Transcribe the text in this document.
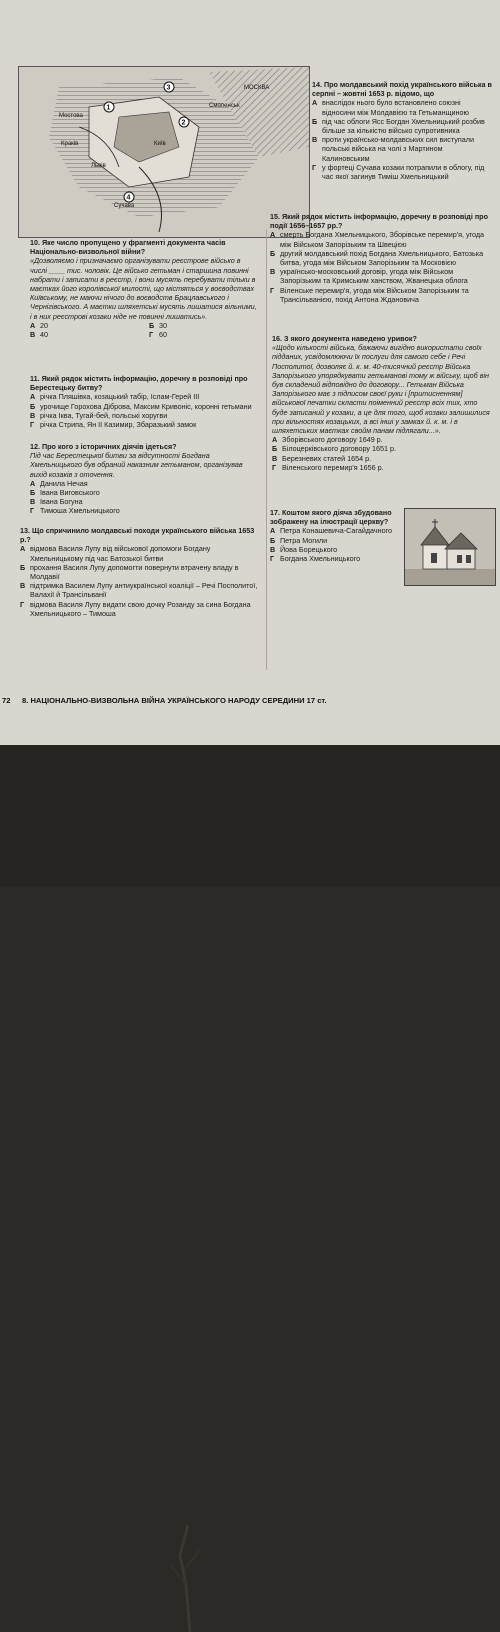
МОСКВА
Смоленськ
Київ
Краків
Львів
Сучава
Мостова
1
2
3
4
14. Про молдавський похід українського війська в серпні – жовтні 1653 р. відомо, що
А внаслідок нього було встановлено союзні відносини між Молдавією та Гетьманщиною
Б під час облоги Ясс Богдан Хмельницький розбив більше за кількістю військо супротивника
В проти українсько-молдавських сил виступали польські війська на чолі з Мартином Калиновським
Г у фортеці Сучава козаки потрапили в облогу, під час якої загинув Тиміш Хмельницький
15. Який рядок містить інформацію, доречну в розповіді про події 1656–1657 рр.?
А смерть Богдана Хмельницького, Зборівське перемир'я, угода між Військом Запорізьким та Швецією
Б другий молдавський похід Богдана Хмельницького, Батозька битва, угода між Військом Запорізьким та Московією
В українсько-московський договір, угода між Військом Запорізьким та Кримським ханством, Жванецька облога
Г Віленське перемир'я, угода між Військом Запорізьким та Трансільванією, похід Антона Ждановича
10. Яке число пропущено у фрагменті документа часів Національно-визвольної війни?
«Дозволяємо і призначаємо організувати реєстрове військо в числі ____ тис. чоловік. Це військо гетьман і старшина повинні набрати і записати в реєстр, і вони мусять перебувати тільки в маєтках його королівської милості, що містяться у воєводствах Київському, не маючи нічого до воєводств Брацлавського і Чернігівського. А маєтки шляхетські мусять лишатися вільними, і в них реєстрові козаки ніде не повинні лишатись».
А 20	Б 30
В 40	Г 60
11. Який рядок містить інформацію, доречну в розповіді про Берестецьку битву?
А річка Пляшівка, козацький табір, Іслам-Герей III
Б урочище Горохова Діброва, Максим Кривоніс, коронні гетьмани
В річка Іква, Тугай-бей, польські хоругви
Г річка Стрипа, Ян II Казимир, Збаразький замок
12. Про кого з історичних діячів ідеться?
Під час Берестецької битви за відсутності Богдана Хмельницького був обраний наказним гетьманом, організував вихід козаків з оточення.
А Данила Нечая
Б Івана Виговського
В Івана Богуна
Г Тимоша Хмельницького
13. Що спричинило молдавські походи українського війська 1653 р.?
А відмова Василя Лупу від військової допомоги Богдану Хмельницькому під час Батозької битви
Б прохання Василя Лупу допомогти повернути втрачену владу в Молдавії
В підтримка Василем Лупу антиукраїнської коаліції – Речі Посполитої, Валахії й Трансільванії
Г відмова Василя Лупу видати свою дочку Розанду за сина Богдана Хмельницького – Тимоша
16. З якого документа наведено уривок?
«Щодо кількості війська, бажаючи вигідно використати своїх підданих, усвідомлюючи їх послуги для самого себе і Речі Посполитої, дозволяє й. к. м. 40-тисячний реєстр Війська Запорізького упорядкувати гетьманові тому ж війську, щоб він був складений відповідно до договору... Гетьман Війська Запорізького має з підписом своєї руки і [притисненням] військової печатки скласти поіменний реєстр всіх тих, хто буде записаний у козаки, а це для того, щоб козаки залишилися при вільностях козацьких, а всі інші у замках й. к. м. і в шляхетських маєтках свойм панам підлягали...».
А Зборівського договору 1649 р.
Б Білоцерківського договору 1651 р.
В Березневих статей 1654 р.
Г Віленського перемир'я 1656 р.
17. Коштом якого діяча збудовано зображену на ілюстрації церкву?
А Петра Конашевича-Сагайдачного
Б Петра Могили
В Йова Борецького
Г Богдана Хмельницького
72 8. НАЦІОНАЛЬНО-ВИЗВОЛЬНА ВІЙНА УКРАЇНСЬКОГО НАРОДУ СЕРЕДИНИ 17 ст.
